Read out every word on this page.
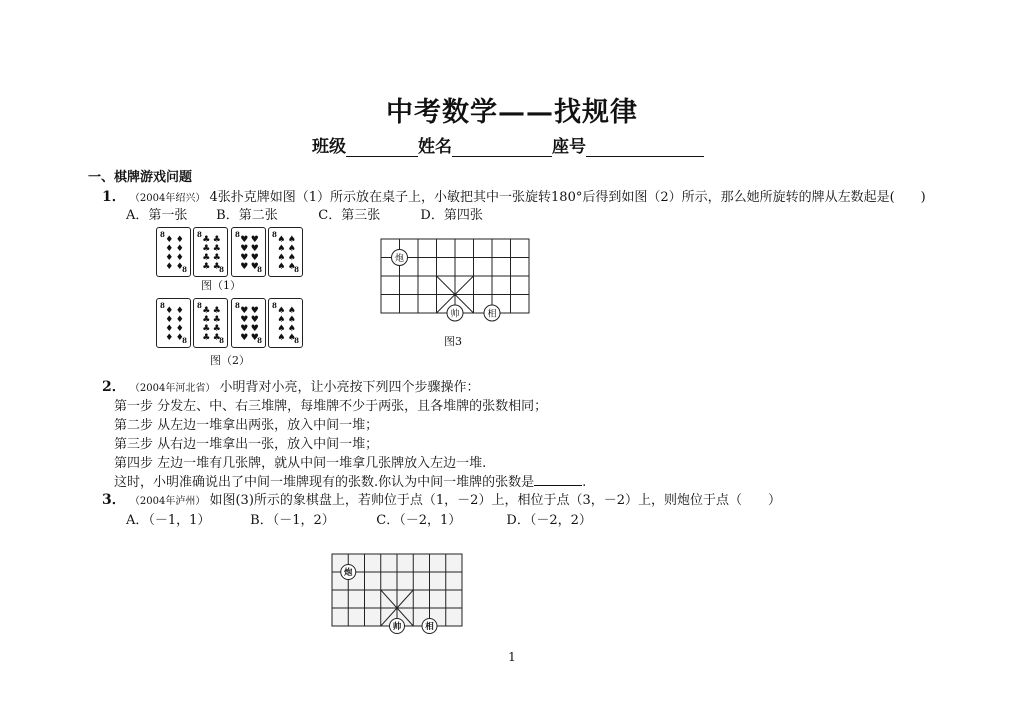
中考数学——找规律
班级	姓名	座号
一、棋牌游戏问题
1． （2004年绍兴） 4张扑克牌如图（1）所示放在桌子上，小敏把其中一张旋转180°后得到如图（2）所示，那么她所旋转的牌从左数起是(　　)
A．第一张 B．第二张	C．第三张	D．第四张
8
♦ ♦
♦ ♦
♦ ♦
♦ ♦
8
8
♣ ♣
♣ ♣
♣ ♣
♣ ♣
8
8
♥ ♥
♥ ♥
♥ ♥
♥ ♥
8
8
♠ ♠
♠ ♠
♠ ♠
♠ ♠
8
图（1）
8
♦ ♦
♦ ♦
♦ ♦
♦ ♦
8
8
♣ ♣
♣ ♣
♣ ♣
♣ ♣
8
8
♥ ♥
♥ ♥
♥ ♥
♥ ♥
8
8
♠ ♠
♠ ♠
♠ ♠
♠ ♠
8
图（2）
炮
帅	相
图3
2． （2004年河北省） 小明背对小亮，让小亮按下列四个步骤操作：
第一步 分发左、中、右三堆牌，每堆牌不少于两张，且各堆牌的张数相同；
第二步 从左边一堆拿出两张，放入中间一堆；
第三步 从右边一堆拿出一张，放入中间一堆；
第四步 左边一堆有几张牌，就从中间一堆拿几张牌放入左边一堆.
这时，小明准确说出了中间一堆牌现有的张数.你认为中间一堆牌的张数是	.
3． （2004年泸州） 如图(3)所示的象棋盘上，若帅位于点（1，－2）上，相位于点（3，－2）上，则炮位于点（　　）
A．（－1，1）	B．（－1，2）	C．（－2，1）	D．（－2，2）
炮
帅	相
1
